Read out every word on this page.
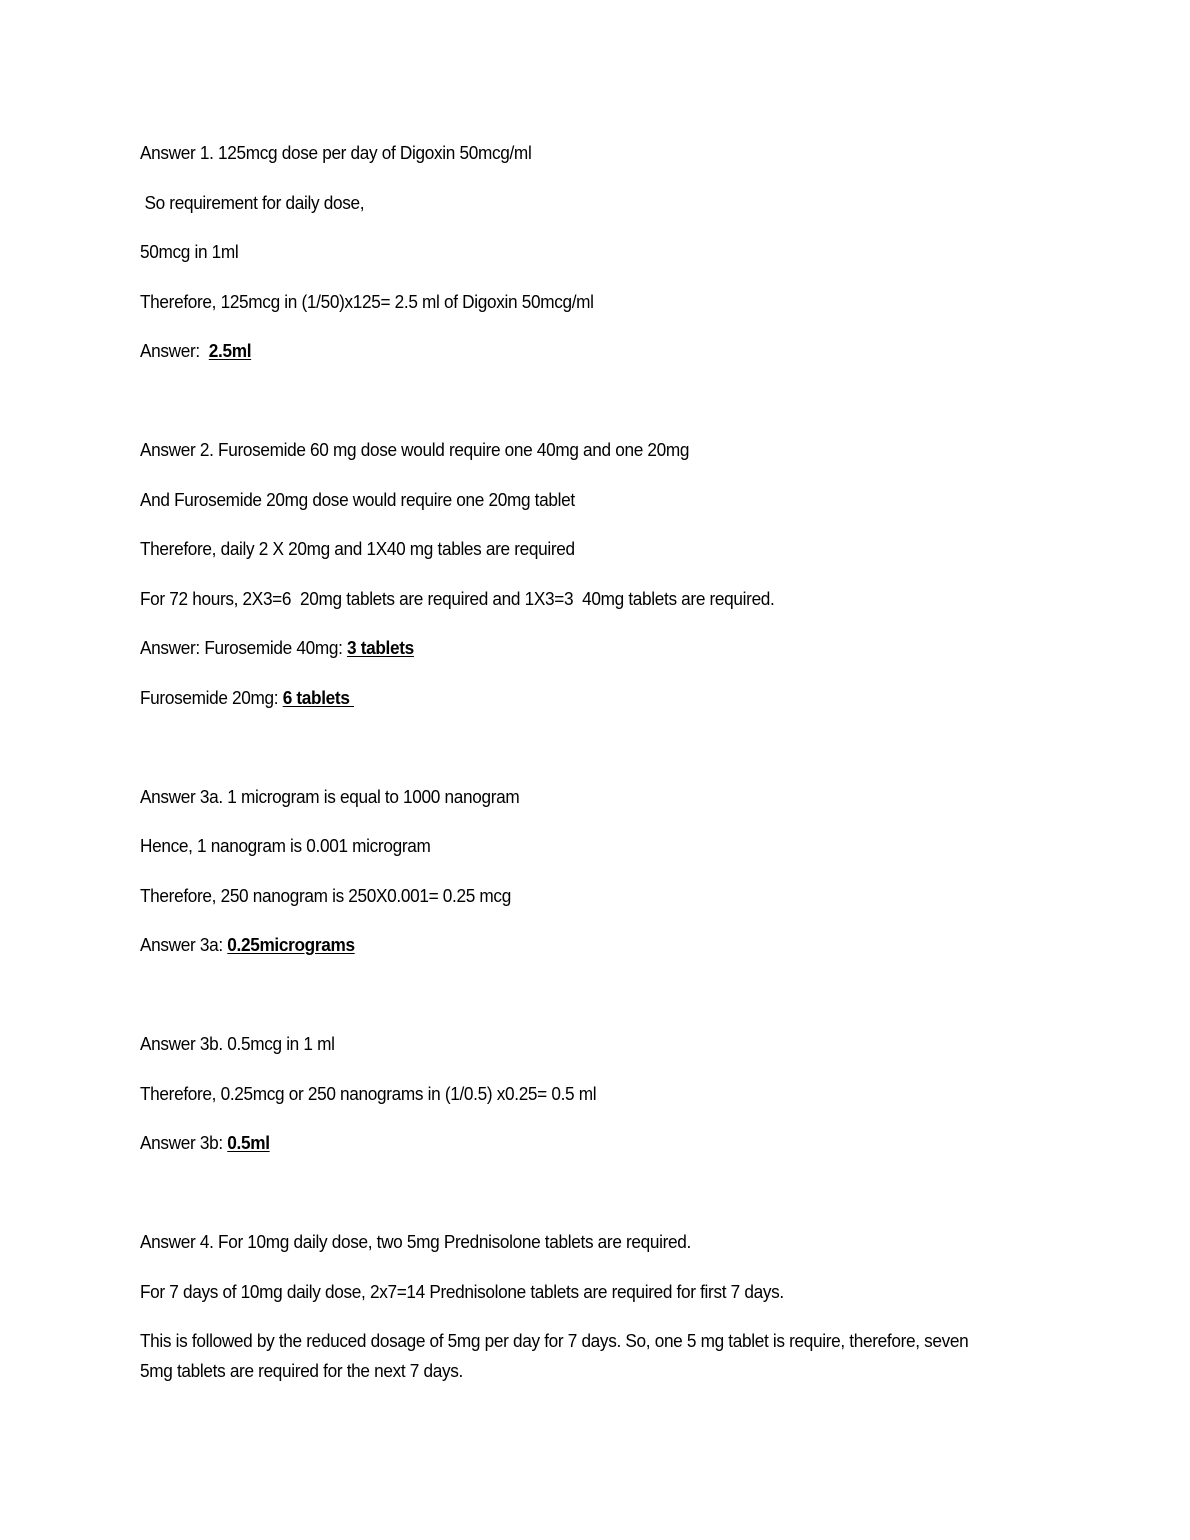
Answer 1. 125mcg dose per day of Digoxin 50mcg/ml
So requirement for daily dose,
50mcg in 1ml
Therefore, 125mcg in (1/50)x125= 2.5 ml of Digoxin 50mcg/ml
Answer:  2.5ml
Answer 2. Furosemide 60 mg dose would require one 40mg and one 20mg
And Furosemide 20mg dose would require one 20mg tablet
Therefore, daily 2 X 20mg and 1X40 mg tables are required
For 72 hours, 2X3=6  20mg tablets are required and 1X3=3  40mg tablets are required.
Answer: Furosemide 40mg: 3 tablets
Furosemide 20mg: 6 tablets
Answer 3a. 1 microgram is equal to 1000 nanogram
Hence, 1 nanogram is 0.001 microgram
Therefore, 250 nanogram is 250X0.001= 0.25 mcg
Answer 3a: 0.25micrograms
Answer 3b. 0.5mcg in 1 ml
Therefore, 0.25mcg or 250 nanograms in (1/0.5) x0.25= 0.5 ml
Answer 3b: 0.5ml
Answer 4. For 10mg daily dose, two 5mg Prednisolone tablets are required.
For 7 days of 10mg daily dose, 2x7=14 Prednisolone tablets are required for first 7 days.
This is followed by the reduced dosage of 5mg per day for 7 days. So, one 5 mg tablet is require, therefore, seven 5mg tablets are required for the next 7 days.
